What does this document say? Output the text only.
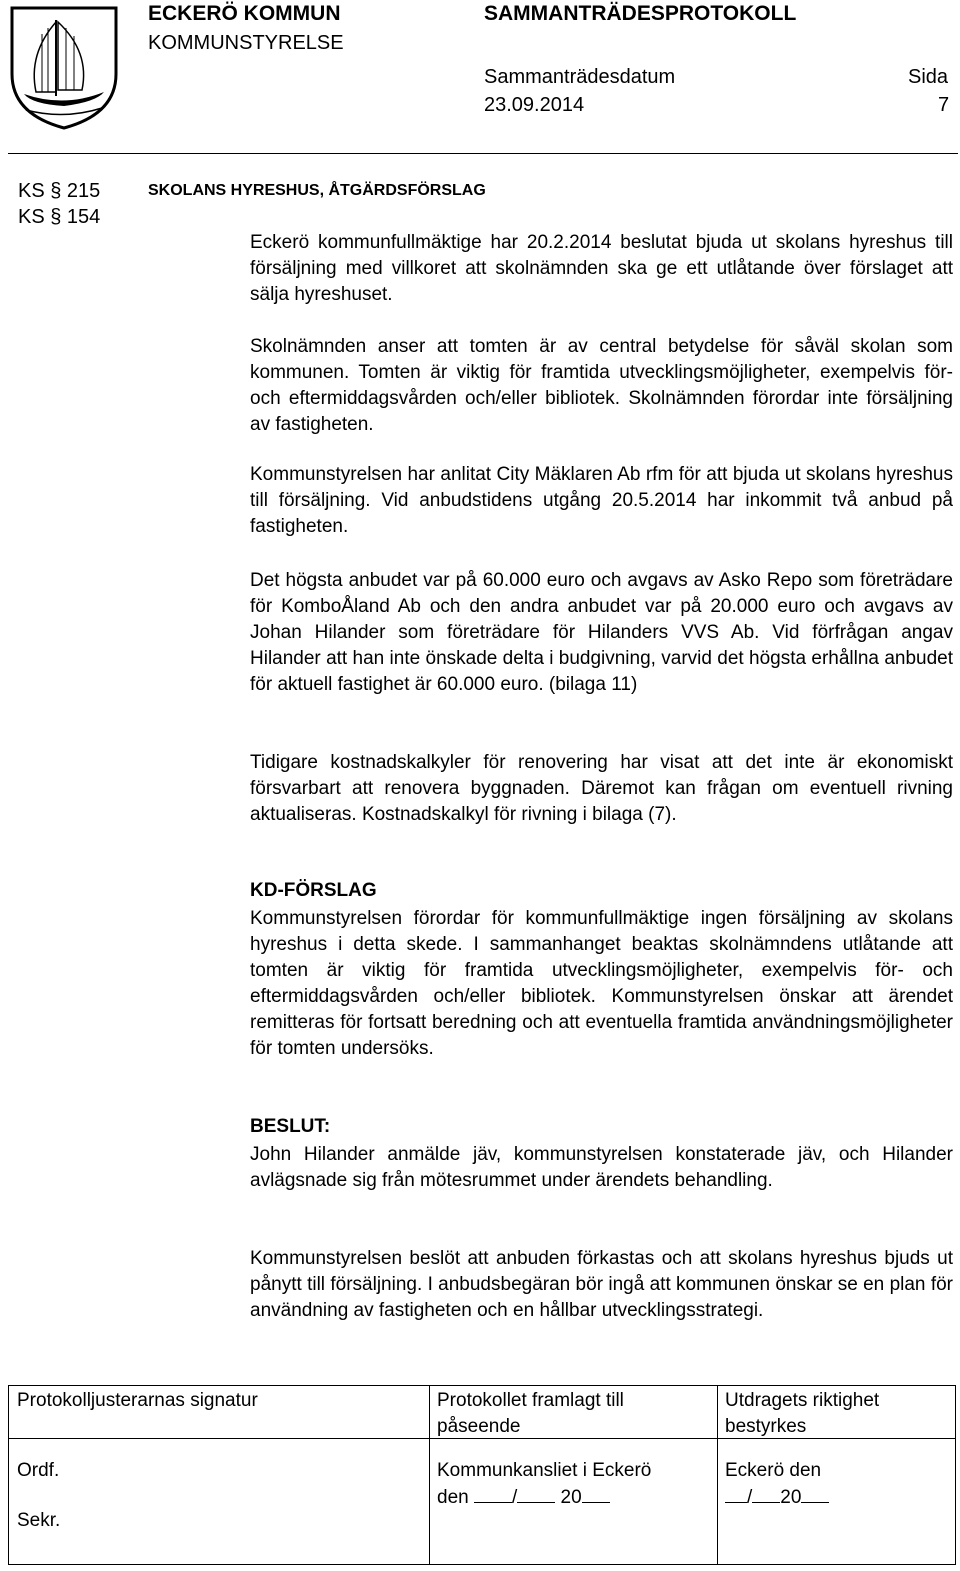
ECKERÖ KOMMUN
KOMMUNSTYRELSE
SAMMANTRÄDESPROTOKOLL
Sammanträdesdatum
23.09.2014
Sida
7
KS § 215
KS § 154
SKOLANS HYRESHUS, ÅTGÄRDSFÖRSLAG

Eckerö kommunfullmäktige har 20.2.2014 beslutat bjuda ut skolans hyreshus till försäljning med villkoret att skolnämnden ska ge ett utlåtande över förslaget att sälja hyreshuset.

Skolnämnden anser att tomten är av central betydelse för såväl skolan som kommunen. Tomten är viktig för framtida utvecklingsmöjligheter, exempelvis för- och eftermiddagsvården och/eller bibliotek. Skolnämnden förordar inte försäljning av fastigheten.

Kommunstyrelsen har anlitat City Mäklaren Ab rfm för att bjuda ut skolans hyreshus till försäljning. Vid anbudstidens utgång 20.5.2014 har inkommit två anbud på fastigheten.

Det högsta anbudet var på 60.000 euro och avgavs av Asko Repo som företrädare för KomboÅland Ab och den andra anbudet var på 20.000 euro och avgavs av Johan Hilander som företrädare för Hilanders VVS Ab. Vid förfrågan angav Hilander att han inte önskade delta i budgivning, varvid det högsta erhållna anbudet för aktuell fastighet är 60.000 euro. (bilaga 11)

Tidigare kostnadskalkyler för renovering har visat att det inte är ekonomiskt försvarbart att renovera byggnaden. Däremot kan frågan om eventuell rivning aktualiseras. Kostnadskalkyl för rivning i bilaga (7).

KD-FÖRSLAG

Kommunstyrelsen förordar för kommunfullmäktige ingen försäljning av skolans hyreshus i detta skede. I sammanhanget beaktas skolnämndens utlåtande att tomten är viktig för framtida utvecklingsmöjligheter, exempelvis för- och eftermiddagsvården och/eller bibliotek. Kommunstyrelsen önskar att ärendet remitteras för fortsatt beredning och att eventuella framtida användningsmöjligheter för tomten undersöks.

BESLUT:

John Hilander anmälde jäv, kommunstyrelsen konstaterade jäv, och Hilander avlägsnade sig från mötesrummet under ärendets behandling.

Kommunstyrelsen beslöt att anbuden förkastas och att skolans hyreshus bjuds ut pånytt till försäljning. I anbudsbegäran bör ingå att kommunen önskar se en plan för användning av fastigheten och en hållbar utvecklingsstrategi.

Protokolljusterarnas signatur	Protokollet framlagt till påseende
Utdragets riktighet bestyrkes
Ordf.
Sekr.
Kommunkansliet i Eckerö
den / 20
Eckerö den
/ 20
